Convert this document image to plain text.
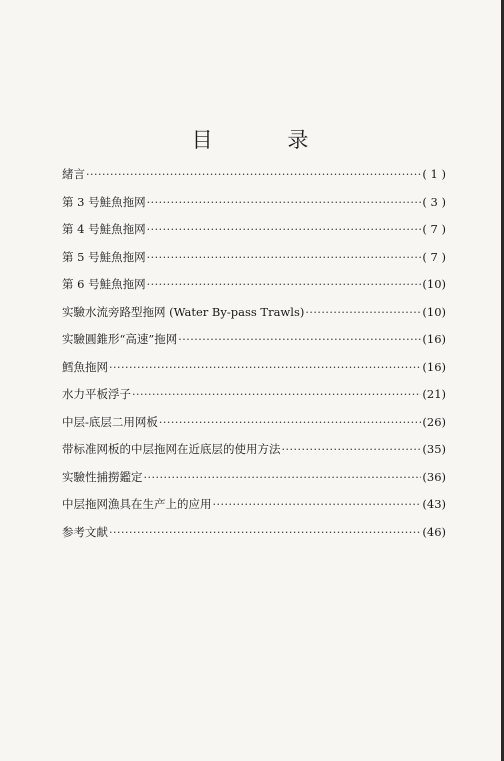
目 录
緒言 ·····	( 1 )
第 3 号鮭魚拖网 ·····	( 3 )
第 4 号鮭魚拖网 ·····	( 7 )
第 5 号鮭魚拖网 ·····	( 7 )
第 6 号鮭魚拖网 ·····	(10)
实驗水流旁路型拖网 (Water By-pass Trawls) ·····	(10)
实驗圓錐形“高速”拖网 ·····	(16)
鱈魚拖网 ·····	(16)
水力平板浮子 ·····	(21)
中层-底层二用网板 ·····	(26)
带标准网板的中层拖网在近底层的使用方法 ·····	(35)
实驗性捕撈鑑定 ·····	(36)
中层拖网漁具在生产上的应用 ·····	(43)
参考文献 ·····	(46)
